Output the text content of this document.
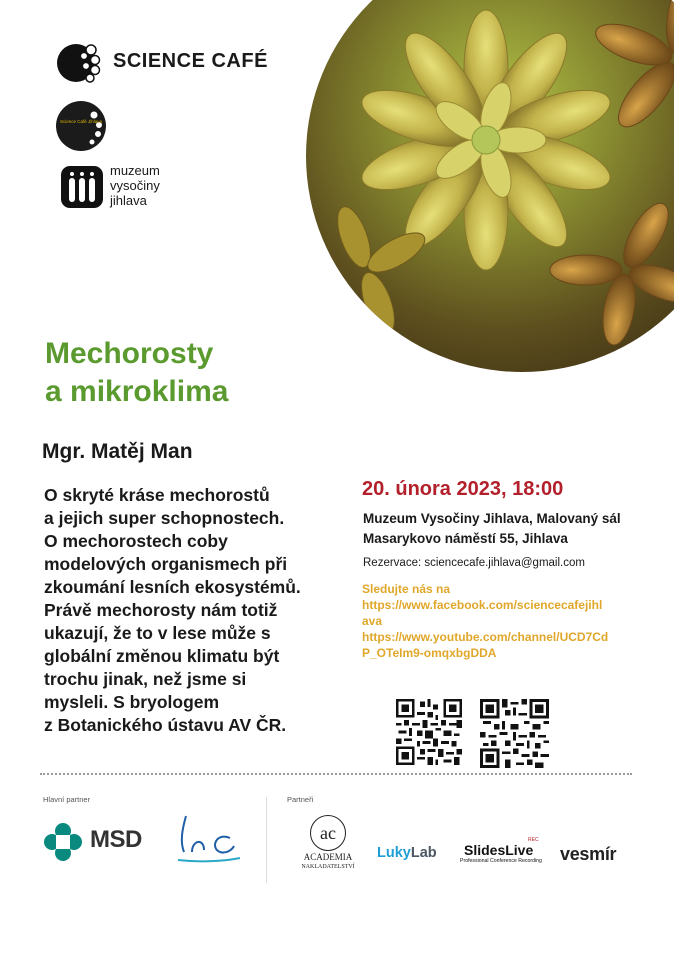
SCIENCE CAFÉ
Science Café Jihlava
muzeum
vysočiny
jihlava
Mechorosty
a mikroklima
Mgr. Matěj Man
O skryté kráse mechorostů
a jejich super schopnostech.
O mechorostech coby
modelových organismech při
zkoumání lesních ekosystémů.
Právě mechorosty nám totiž
ukazují, že to v lese může s
globální změnou klimatu být
trochu jinak, než jsme si
mysleli. S bryologem
z Botanického ústavu AV ČR.
20. února 2023, 18:00
Muzeum Vysočiny Jihlava, Malovaný sál
Masarykovo náměstí 55, Jihlava
Rezervace: sciencecafe.jihlava@gmail.com
Sledujte nás na
https://www.facebook.com/sciencecafejihl
ava
https://www.youtube.com/channel/UCD7Cd
P_OTeIm9-omqxbgDDA
Hlavní partner	Partneři
MSD	ac
ACADEMIA
NAKLADATELSTVÍ
LukyLab SlidesLive
REC
Professional Conference Recording vesmír
